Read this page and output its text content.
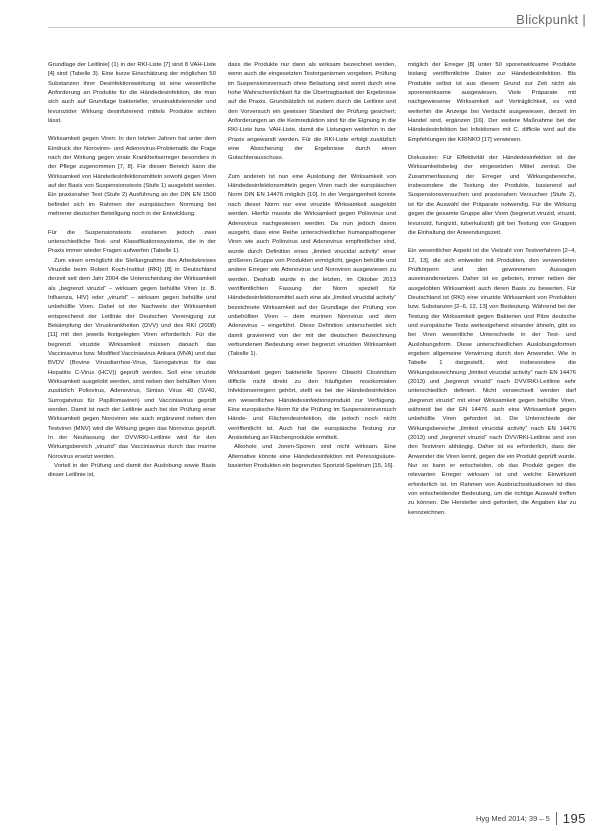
Blickpunkt |

Grundlage der Leitlinie] (1) in der RKI-Liste [7] sind 8 VAH-Liste [4] sind (Tabelle 3). Eine kurze Einschätzung der möglichen 50 Substanzen ihrer Desinfektionswirkung ist eine wesentliche Anforderung an Produkte für die Händedesinfektion, die man sich auch auf Grundlage bakterieller, virusinaktivierender und levurozider Wirkung desinfizierend mittels Produkte sichten lässt.

Wirksamkeit gegen Viren: In den letzten Jahren hat unter dem Eindruck der Noroviren- und Adenovirus-Problematik die Frage nach der Wirkung gegen virale Krankheitserreger besonders in der Pflege zugenommen [7, 8]. Für diesen Bereich kann die Wirksamkeit von Händedesinfektionsmitteln sowohl gegen Viren auf der Basis von Suspensionstests (Stufe 1) ausgelobt werden. Ein praxisnaher Test (Stufe 2) Ausführung an der DIN EN 1500 befindet sich im Rahmen der europäischen Normung bei mehrerer deutscher Beteiligung noch in der Entwicklung.

Für die Suspensionstests existieren jedoch zwei unterschiedliche Test- und Klassifikationssysteme, die in der Praxis immer wieder Fragen aufwerfen (Tabelle 1).

Zum einen ermöglicht die Stellungnahme des Arbeitskreises Viruzidie beim Robert Koch-Institut (RKI) [8] in Deutschland derzeit seit dem Jahr 2004 die Unterscheidung der Wirksamkeit als „begrenzt viruzid“ – wirksam gegen behüllte Viren (z. B. Influenza, HIV) oder „viruzid“ – wirksam gegen behüllte und unbehüllte Viren. Dabei ist der Nachweis der Wirksamkeit entsprechend der Leitlinie der Deutschen Vereinigung zur Bekämpfung der Viruskrankheiten (DVV) und des RKI (2008) [11] mit den jeweils festgelegten Viren erforderlich. Für die begrenzt viruzide Wirksamkeit müssen danach das Vacciniavirus bzw. Modified Vacciniavirus Ankara (MVA) und das BVDV (Bovine Virusdiarrhoe-Virus, Surrogatvirus für das Hepatitis C-Virus (HCV)) geprüft werden. Soll eine viruzide Wirksamkeit ausgelobt werden, sind neben den behüllten Viren zusätzlich Poliovirus, Adenovirus, Simian Virus 40 (SV40, Surrogatvirus für Papillomaviren) und Vacciniavirus geprüft werden. Damit ist nach der Leitlinie auch bei der Prüfung einer Wirksamkeit gegen Noroviren wie auch ergänzend neben den Testviren (MNV) wird die Wirkung gegen das Norovirus geprüft. In der Neufassung der DVV/RKI-Leitlinie wird für den Wirkungsbereich „viruzid“ das Vacciniavirus durch das murine Norovirus ersetzt werden.

Vorteil in der Prüfung und damit der Auslobung sowie Basis dieser Leitlinie ist,

dass die Produkte nur dann als wirksam bezeichnet werden, wenn auch die eingesetzten Testorganismen vorgeben. Prüfung im Suspensionsversuch ohne Belastung sind somit durch eine hohe Wahrscheinlichkeit für die Übertragbarkeit der Ergebnisse auf die Praxis. Grundsätzlich ist zudem durch die Leitlinie und den Vorversuch ein gewisser Standard der Prüfung gesichert; Anforderungen an die Keimreduktion sind für die Eignung in die RKI-Liste bzw. VAH-Liste, damit die Listungen weiterhin in der Praxis angewandt werden. Für die RKI-Liste erfolgt zusätzlich eine Absicherung der Ergebnisse durch einen Gutachterausschuss.

Zum anderen ist nun eine Auslobung der Wirksamkeit von Händedesinfektionsmitteln gegen Viren nach der europäischen Norm DIN EN 14476 möglich [10]. In der Vergangenheit konnte nach dieser Norm nur eine viruzide Wirksamkeit ausgelobt werden. Hierfür musste die Wirksamkeit gegen Poliovirus und Adenovirus nachgewiesen werden. Da nun jedoch davon ausgeht, dass eine Reihe unterschiedlicher humanpathogener Viren wie auch Poliovirus und Adenovirus empfindlicher sind, wurde durch Definition eines „limited virucidal activity“ einer größeren Gruppe von Produkten ermöglicht, gegen behüllte und andere Erreger wie Adenovirus und Noroviren ausgewiesen zu werden. Deshalb wurde in der letzten, im Oktober 2013 veröffentlichten Fassung der Norm speziell für Händedesinfektionsmittel auch eine als „limited virucidal activity“ bezeichnete Wirksamkeit auf der Grundlage der Prüfung von unbehüllten Viren – dem murinen Norovirus und dem Adenovirus – eingeführt. Diese Definition unterscheidet sich damit gravierend von der mit der deutschen Bezeichnung verbundenen Bedeutung einer begrenzt viruziden Wirksamkeit (Tabelle 1).

Wirksamkeit gegen bakterielle Sporen: Obwohl Clostridium difficile nicht direkt zu den häufigsten nosokomialen Infektionserregern gehört, stellt es bei der Händedesinfektion ein wesentliches Händedesinfektionsprodukt zur Verfügung. Eine europäische Norm für die Prüfung im Suspensionsversuch Hände- und Flächendesinfektion, die jedoch noch nicht veröffentlicht ist. Auch hat die europäische Testung zur Ansiedelung an Flächenprodukte ermittelt.

Alkohole und Jonen-Sporen sind nicht wirksam. Eine Alternative könnte eine Händedesinfektion mit Peressigsäure-basierten Produkten ein begrenztes Sporizid-Spektrum [15, 16].

möglich der Erreger [8] unter 50 sporenwirksame Produkte bislang veröffentlichte Daten zur Händedesinfektion. Bis Produkte selbst ist aus diesem Grund zur Zeit nicht als sporenwirksame ausgewiesen. Viele Präparate mit nachgewiesener Wirksamkeit auf Verträglichkeit, es wird weiterhin die Anzeige bei Verdacht ausgewiesen, derzeit im Handel sind, ergänzen [16]. Der weitere Maßnahme bei der Händedesinfektion bei Infektionen mit C. difficile wird auf die Empfehlungen der KRINKO [17] verwiesen.

Diskussion: Für Effektivität der Händedesinfektion ist der Wirksamkeitsbeleg der eingesetzten Mittel zentral. Die Zusammenfassung der Erreger und Wirkungsbereiche, insbesondere die Testung der Produkte, basierend auf Suspensionsversuchen und praxisnahen Versuchen (Stufe 2), ist für die Auswahl der Präparate notwendig. Für die Wirkung gegen die gesamte Gruppe aller Viren (begrenzt viruzid, viruzid, levurozid, fungizid, tuberkulozid) gilt bei Testung von Gruppen die Einhaltung der Anwendungszeit.

Ein wesentlicher Aspekt ist die Vielzahl von Testverfahren [2–4, 12, 13], die sich entweder mit Produkten, den verwendeten Prüfkörpern und den gewonnenen Aussagen auseinandersetzen. Daher ist es geboten, immer neben der ausgelobten Wirksamkeit auch deren Basis zu bewerten. Für Deutschland ist (RKI) eine viruzide Wirksamkeit von Produkten bzw. Substanzen [2–6, 12, 13] von Bedeutung. Während bei der Testung der Wirksamkeit gegen Bakterien und Pilze deutsche und europäische Tests weitestgehend einander ähneln, gibt es bei Viren wesentliche Unterschiede in der Test- und Auslobungsform. Diese unterschiedlichen Auslobungsformen ergeben allgemeine Verwirrung durch den Anwender. Wie in Tabelle 1 dargestellt, wird insbesondere die Wirkungsbezeichnung „limited virucidal activity“ nach EN 14476 (2013) und „begrenzt viruzid“ nach DVV/RKI-Leitlinie sehr unterschiedlich definiert. Nicht verwechselt werden darf „begrenzt viruzid“ mit einer Wirksamkeit gegen behüllte Viren, während bei der EN 14476 auch eine Wirksamkeit gegen unbehüllte Viren gefordert ist. Die Unterschiede der Wirkungsbereiche „limited virucidal activity“ nach EN 14476 (2013) und „begrenzt viruzid“ nach DVV/RKI-Leitlinie sind von den Testviren abhängig. Daher ist es erforderlich, dass der Anwender die Viren kennt, gegen die ein Produkt geprüft wurde. Nur so kann er entscheiden, ob das Produkt gegen die relevanten Erreger wirksam ist und welche Einwirkzeit erforderlich ist. Im Rahmen von Ausbruchssituationen ist dies von entscheidender Bedeutung, um die richtige Auswahl treffen zu können. Die Hersteller sind gefordert, die Angaben klar zu kennzeichnen.

Hyg Med 2014; 39 – 5 195
